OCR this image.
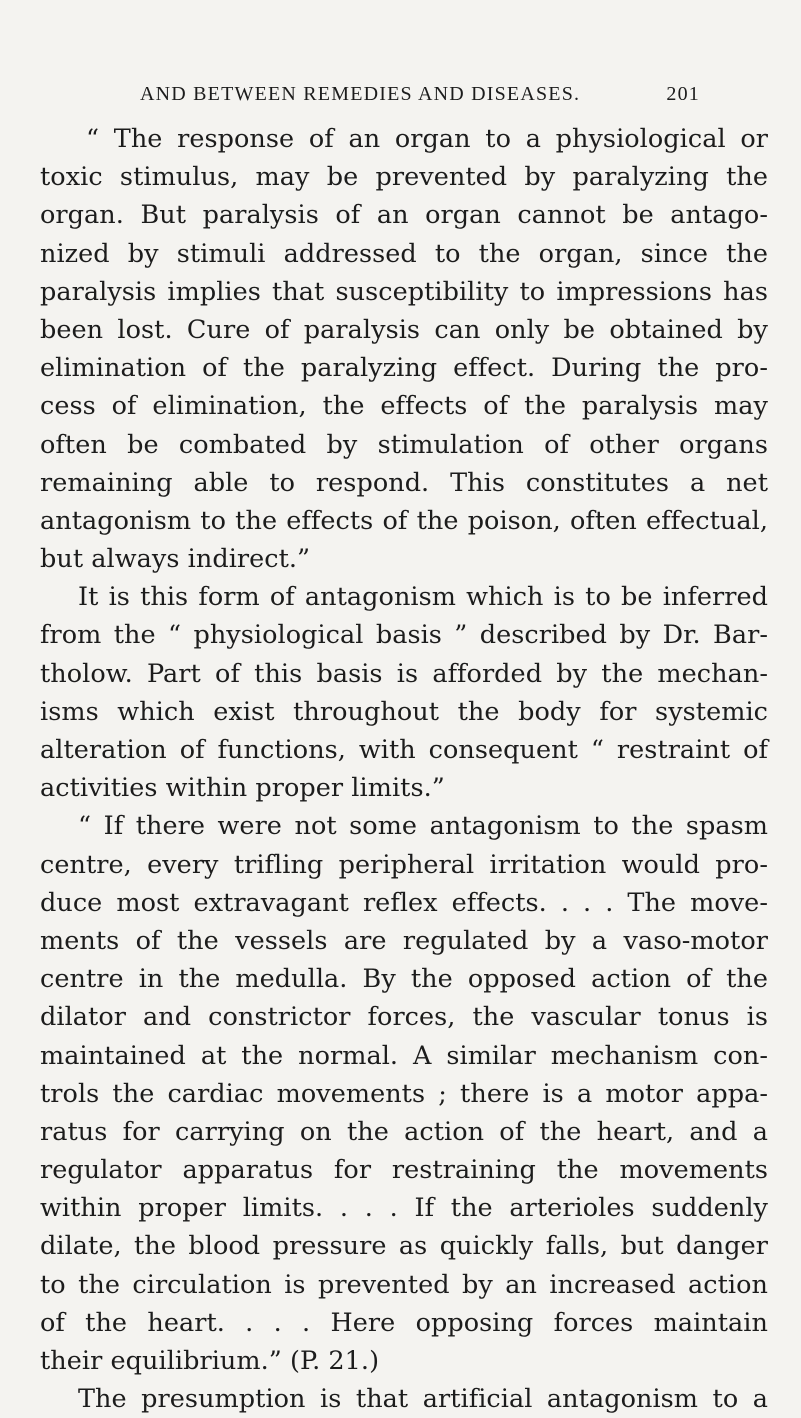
AND BETWEEN REMEDIES AND DISEASES.	201
“ The response of an organ to a physiological or
toxic stimulus, may be prevented by paralyzing the
organ. But paralysis of an organ cannot be antago-
nized by stimuli addressed to the organ, since the
paralysis implies that susceptibility to impressions has
been lost. Cure of paralysis can only be obtained by
elimination of the paralyzing effect. During the pro-
cess of elimination, the effects of the paralysis may
often be combated by stimulation of other organs
remaining able to respond. This constitutes a net
antagonism to the effects of the poison, often effectual,
but always indirect.”
It is this form of antagonism which is to be inferred
from the “ physiological basis ” described by Dr. Bar-
tholow. Part of this basis is afforded by the mechan-
isms which exist throughout the body for systemic
alteration of functions, with consequent “ restraint of
activities within proper limits.”
“ If there were not some antagonism to the spasm
centre, every trifling peripheral irritation would pro-
duce most extravagant reflex effects. . . . The move-
ments of the vessels are regulated by a vaso-motor
centre in the medulla. By the opposed action of the
dilator and constrictor forces, the vascular tonus is
maintained at the normal. A similar mechanism con-
trols the cardiac movements ; there is a motor appa-
ratus for carrying on the action of the heart, and a
regulator apparatus for restraining the movements
within proper limits. . . . If the arterioles suddenly
dilate, the blood pressure as quickly falls, but danger
to the circulation is prevented by an increased action
of the heart. . . . Here opposing forces maintain
their equilibrium.” (P. 21.)
The presumption is that artificial antagonism to a
